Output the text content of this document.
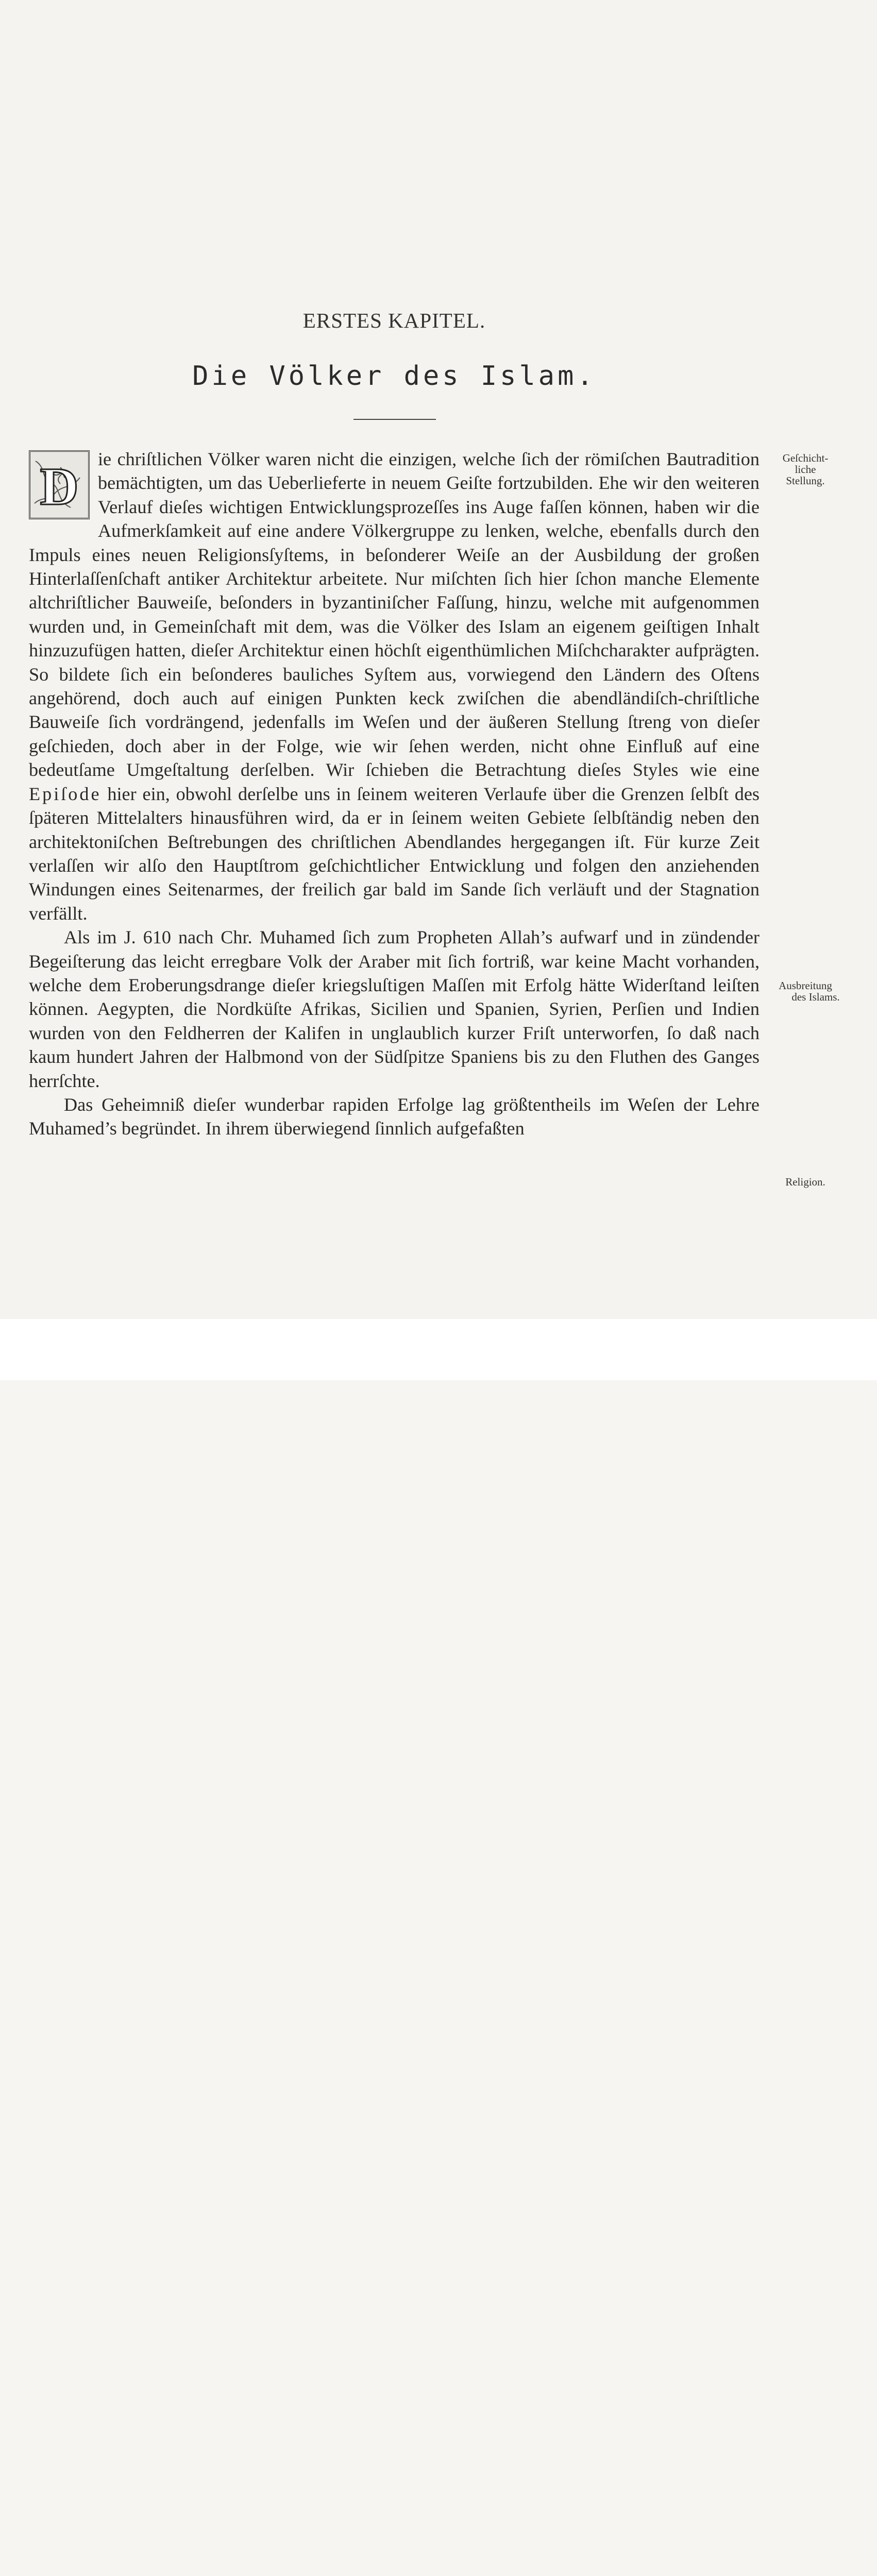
ERSTES KAPITEL.
Die Völker des Islam.

D ie chriſtlichen Völker waren nicht die einzigen, welche ſich der römiſchen Bautradition bemächtigten, um das Ueberlieferte in neuem Geiſte fortzubilden. Ehe wir den weiteren Verlauf dieſes wichtigen Entwicklungsprozeſſes ins Auge faſſen können, haben wir die Aufmerkſamkeit auf eine andere Völkergruppe zu lenken, welche, ebenfalls durch den Impuls eines neuen Religionsſyſtems, in beſonderer Weiſe an der Ausbildung der großen Hinterlaſſenſchaft antiker Architektur arbeitete. Nur miſchten ſich hier ſchon manche Elemente altchriſtlicher Bauweiſe, beſonders in byzantiniſcher Faſſung, hinzu, welche mit aufgenommen wurden und, in Gemeinſchaft mit dem, was die Völker des Islam an eigenem geiſtigen Inhalt hinzuzufügen hatten, dieſer Architektur einen höchſt eigenthümlichen Miſchcharakter aufprägten. So bildete ſich ein beſonderes bauliches Syſtem aus, vorwiegend den Ländern des Oſtens angehörend, doch auch auf einigen Punkten keck zwiſchen die abendländiſch-chriſtliche Bauweiſe ſich vordrängend, jedenfalls im Weſen und der äußeren Stellung ſtreng von dieſer geſchieden, doch aber in der Folge, wie wir ſehen werden, nicht ohne Einfluß auf eine bedeutſame Umgeſtaltung derſelben. Wir ſchieben die Betrachtung dieſes Styles wie eine Epiſode hier ein, obwohl derſelbe uns in ſeinem weiteren Verlaufe über die Grenzen ſelbſt des ſpäteren Mittelalters hinausführen wird, da er in ſeinem weiten Gebiete ſelbſtändig neben den architektoniſchen Beſtrebungen des chriſtlichen Abendlandes hergegangen iſt. Für kurze Zeit verlaſſen wir alſo den Hauptſtrom geſchichtlicher Entwicklung und folgen den anziehenden Windungen eines Seitenarmes, der freilich gar bald im Sande ſich verläuft und der Stagnation verfällt.

Als im J. 610 nach Chr. Muhamed ſich zum Propheten Allah’s aufwarf und in zündender Begeiſterung das leicht erregbare Volk der Araber mit ſich fortriß, war keine Macht vorhanden, welche dem Eroberungsdrange dieſer kriegsluſtigen Maſſen mit Erfolg hätte Widerſtand leiſten können. Aegypten, die Nordküſte Afrikas, Sicilien und Spanien, Syrien, Perſien und Indien wurden von den Feldherren der Kalifen in unglaublich kurzer Friſt unterworfen, ſo daß nach kaum hundert Jahren der Halbmond von der Südſpitze Spaniens bis zu den Fluthen des Ganges herrſchte.

Das Geheimniß dieſer wunderbar rapiden Erfolge lag größtentheils im Weſen der Lehre Muhamed’s begründet. In ihrem überwiegend ſinnlich aufgefaßten

Geſchicht-
liche
Stellung.
Ausbreitung
des Islams.
Religion.
